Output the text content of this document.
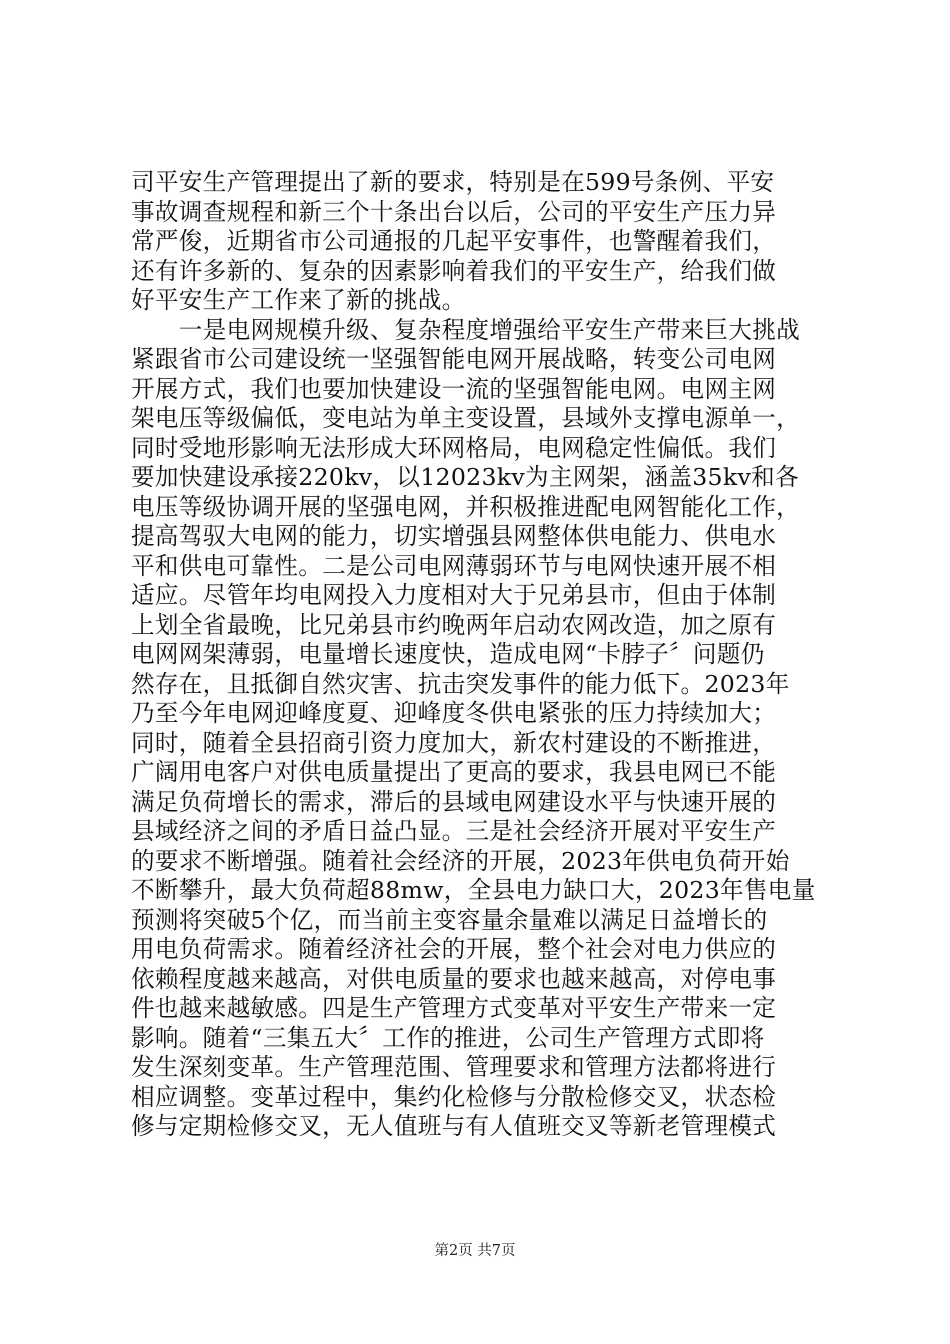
司平安生产管理提出了新的要求，特别是在599号条例、平安
事故调查规程和新三个十条出台以后，公司的平安生产压力异
常严俊，近期省市公司通报的几起平安事件，也警醒着我们，
还有许多新的、复杂的因素影响着我们的平安生产，给我们做
好平安生产工作来了新的挑战。
　　一是电网规模升级、复杂程度增强给平安生产带来巨大挑战
紧跟省市公司建设统一坚强智能电网开展战略，转变公司电网
开展方式，我们也要加快建设一流的坚强智能电网。电网主网
架电压等级偏低，变电站为单主变设置，县域外支撑电源单一，
同时受地形影响无法形成大环网格局，电网稳定性偏低。我们
要加快建设承接220kv，以12023kv为主网架，涵盖35kv和各
电压等级协调开展的坚强电网，并积极推进配电网智能化工作，
提高驾驭大电网的能力，切实增强县网整体供电能力、供电水
平和供电可靠性。二是公司电网薄弱环节与电网快速开展不相
适应。尽管年均电网投入力度相对大于兄弟县市，但由于体制
上划全省最晚，比兄弟县市约晚两年启动农网改造，加之原有
电网网架薄弱，电量增长速度快，造成电网“卡脖子〞问题仍
然存在，且抵御自然灾害、抗击突发事件的能力低下。2023年
乃至今年电网迎峰度夏、迎峰度冬供电紧张的压力持续加大；
同时，随着全县招商引资力度加大，新农村建设的不断推进，
广阔用电客户对供电质量提出了更高的要求，我县电网已不能
满足负荷增长的需求，滞后的县域电网建设水平与快速开展的
县域经济之间的矛盾日益凸显。三是社会经济开展对平安生产
的要求不断增强。随着社会经济的开展，2023年供电负荷开始
不断攀升，最大负荷超88mw，全县电力缺口大，2023年售电量
预测将突破5个亿，而当前主变容量余量难以满足日益增长的
用电负荷需求。随着经济社会的开展，整个社会对电力供应的
依赖程度越来越高，对供电质量的要求也越来越高，对停电事
件也越来越敏感。四是生产管理方式变革对平安生产带来一定
影响。随着“三集五大〞工作的推进，公司生产管理方式即将
发生深刻变革。生产管理范围、管理要求和管理方法都将进行
相应调整。变革过程中，集约化检修与分散检修交叉，状态检
修与定期检修交叉，无人值班与有人值班交叉等新老管理模式
第2页 共7页
